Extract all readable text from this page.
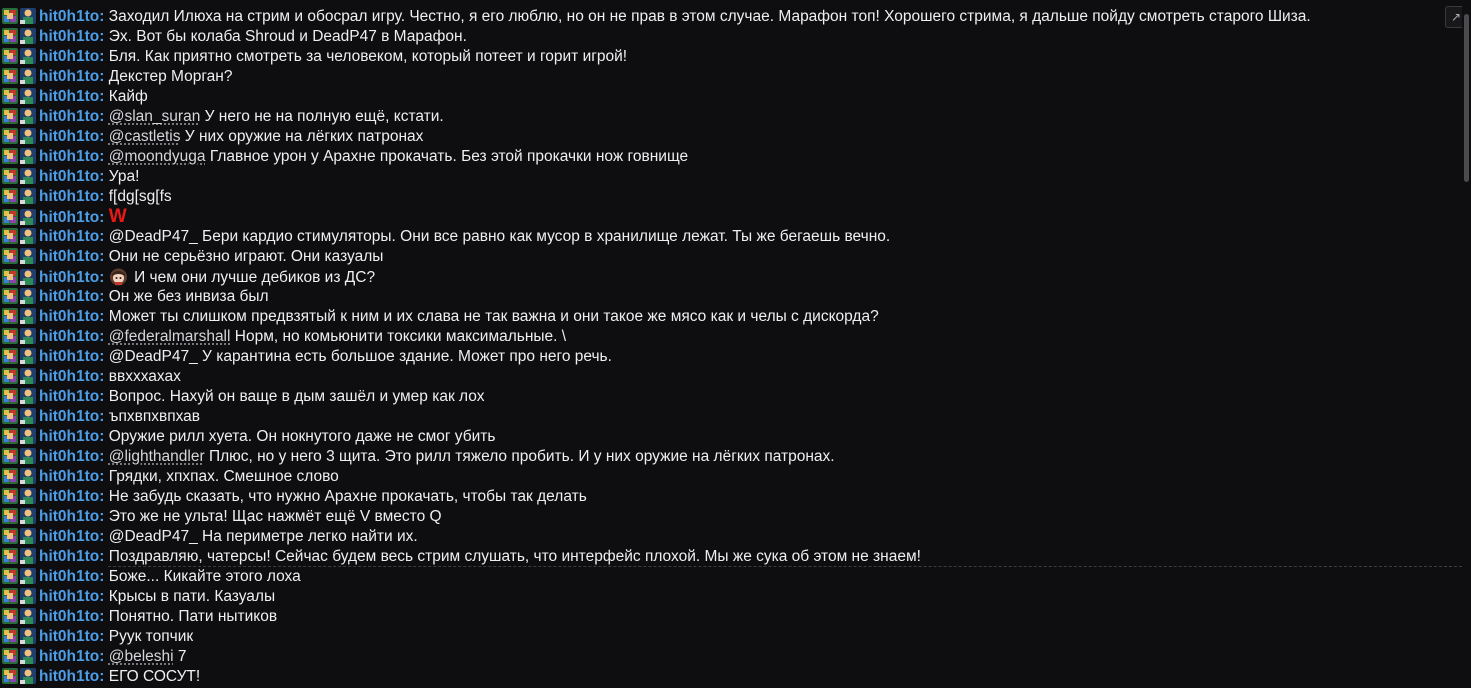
hit0h1to: Заходил Илюха на стрим и обосрал игру. Честно, я его люблю, но он не прав в этом случае. Марафон топ! Хорошего стрима, я дальше пойду смотреть старого Шиза.
hit0h1to: Эх. Вот бы колаба Shroud и DeadP47 в Марафон.
hit0h1to: Бля. Как приятно смотреть за человеком, который потеет и горит игрой!
hit0h1to: Декстер Морган?
hit0h1to: Кайф
hit0h1to: @slan_suran У него не на полную ещё, кстати.
hit0h1to: @castletis У них оружие на лёгких патронах
hit0h1to: @moondyuga Главное урон у Арахне прокачать. Без этой прокачки нож говнище
hit0h1to: Ура!
hit0h1to: f[dg[sg[fs
hit0h1to: W
hit0h1to: @DeadP47_ Бери кардио стимуляторы. Они все равно как мусор в хранилище лежат. Ты же бегаешь вечно.
hit0h1to: Они не серьёзно играют. Они казуалы
hit0h1to: И чем они лучше дебиков из ДС?
hit0h1to: Он же без инвиза был
hit0h1to: Может ты слишком предвзятый к ним и их слава не так важна и они такое же мясо как и челы с дискорда?
hit0h1to: @federalmarshall Норм, но комьюнити токсики максимальные. \
hit0h1to: @DeadP47_ У карантина есть большое здание. Может про него речь.
hit0h1to: ввхххахах
hit0h1to: Вопрос. Нахуй он ваще в дым зашёл и умер как лох
hit0h1to: ъпхвпхвпхав
hit0h1to: Оружие рилл хуета. Он нокнутого даже не смог убить
hit0h1to: @lighthandler Плюс, но у него 3 щита. Это рилл тяжело пробить. И у них оружие на лёгких патронах.
hit0h1to: Грядки, хпхпах. Смешное слово
hit0h1to: Не забудь сказать, что нужно Арахне прокачать, чтобы так делать
hit0h1to: Это же не ульта! Щас нажмёт ещё V вместо Q
hit0h1to: @DeadP47_ На периметре легко найти их.
hit0h1to: Поздравляю, чатерсы! Сейчас будем весь стрим слушать, что интерфейс плохой. Мы же сука об этом не знаем!
hit0h1to: Боже... Кикайте этого лоха
hit0h1to: Крысы в пати. Казуалы
hit0h1to: Понятно. Пати нытиков
hit0h1to: Руук топчик
hit0h1to: @beleshi 7
hit0h1to: ЕГО СОСУТ!
↗
